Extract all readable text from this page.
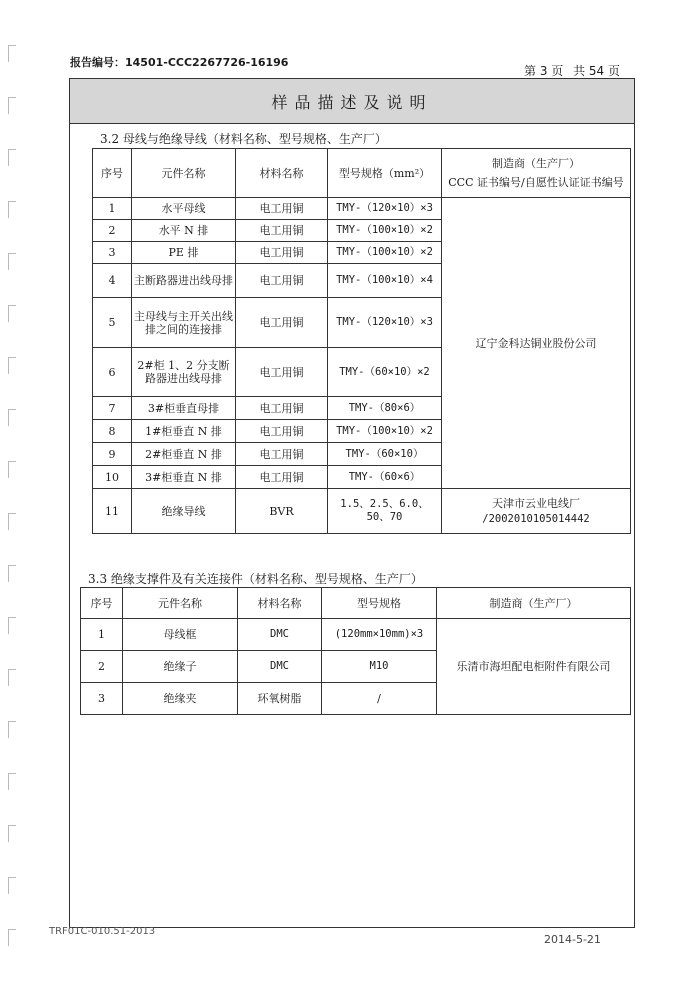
报告编号：14501-CCC2267726-16196
第 3 页 共 54 页
样品描述及说明
3.2 母线与绝缘导线（材料名称、型号规格、生产厂）
序号	元件名称	材料名称	型号规格（mm²）	制造商（生产厂）
CCC 证书编号/自愿性认证证书编号

1	水平母线	电工用铜	TMY-（120×10）×3	辽宁金科达铜业股份公司
2	水平 N 排	电工用铜	TMY-（100×10）×2	
3	PE 排	电工用铜	TMY-（100×10）×2	
4	主断路器进出线母排	电工用铜	TMY-（100×10）×4	
5	主母线与主开关出线排之间的连接排	电工用铜	TMY-（120×10）×3	
6	2#柜 1、2 分支断路器进出线母排	电工用铜	TMY-（60×10）×2	
7	3#柜垂直母排	电工用铜	TMY-（80×6）	
8	1#柜垂直 N 排	电工用铜	TMY-（100×10）×2	
9	2#柜垂直 N 排	电工用铜	TMY-（60×10）	
10	3#柜垂直 N 排	电工用铜	TMY-（60×6）	
11	绝缘导线	BVR	1.5、2.5、6.0、50、70	天津市云业电线厂
/2002010105014442
3.3 绝缘支撑件及有关连接件（材料名称、型号规格、生产厂）
序号	元件名称	材料名称	型号规格	制造商（生产厂）
1	母线框	DMC	(120mm×10mm)×3	乐清市海坦配电柜附件有限公司
2	绝缘子	DMC	M10	
3	绝缘夹	环氧树脂	/	
TRF01C-010.51-2013
2014-5-21
